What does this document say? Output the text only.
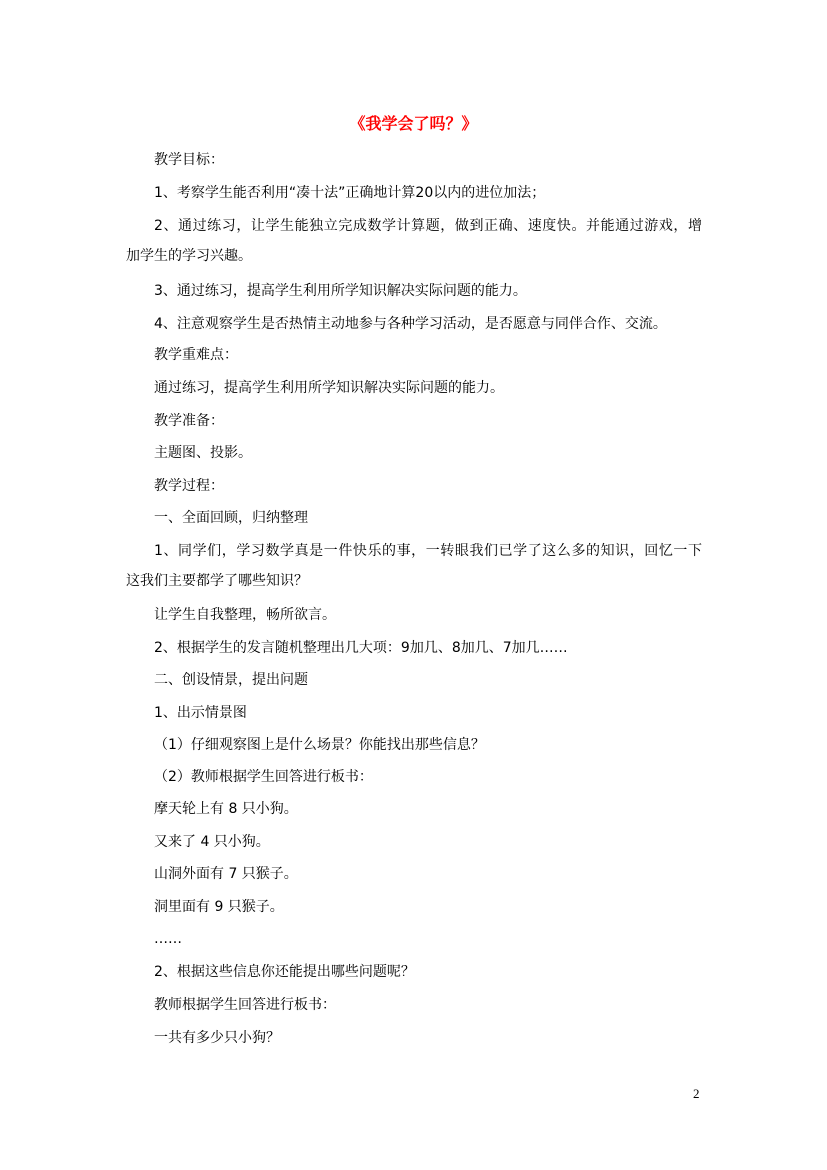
《我学会了吗？》
教学目标：
1、考察学生能否利用“凑十法”正确地计算20以内的进位加法；
2、通过练习，让学生能独立完成数学计算题，做到正确、速度快。并能通过游戏，增
加学生的学习兴趣。
3、通过练习，提高学生利用所学知识解决实际问题的能力。
4、注意观察学生是否热情主动地参与各种学习活动，是否愿意与同伴合作、交流。
教学重难点：
通过练习，提高学生利用所学知识解决实际问题的能力。
教学准备：
主题图、投影。
教学过程：
一、全面回顾，归纳整理
1、同学们，学习数学真是一件快乐的事，一转眼我们已学了这么多的知识，回忆一下
这我们主要都学了哪些知识？
让学生自我整理，畅所欲言。
2、根据学生的发言随机整理出几大项：9加几、8加几、7加几……
二、创设情景，提出问题
1、出示情景图
（1）仔细观察图上是什么场景？你能找出那些信息？
（2）教师根据学生回答进行板书：
摩天轮上有 8 只小狗。
又来了 4 只小狗。
山洞外面有 7 只猴子。
洞里面有 9 只猴子。
……
2、根据这些信息你还能提出哪些问题呢？
教师根据学生回答进行板书：
一共有多少只小狗？
2
